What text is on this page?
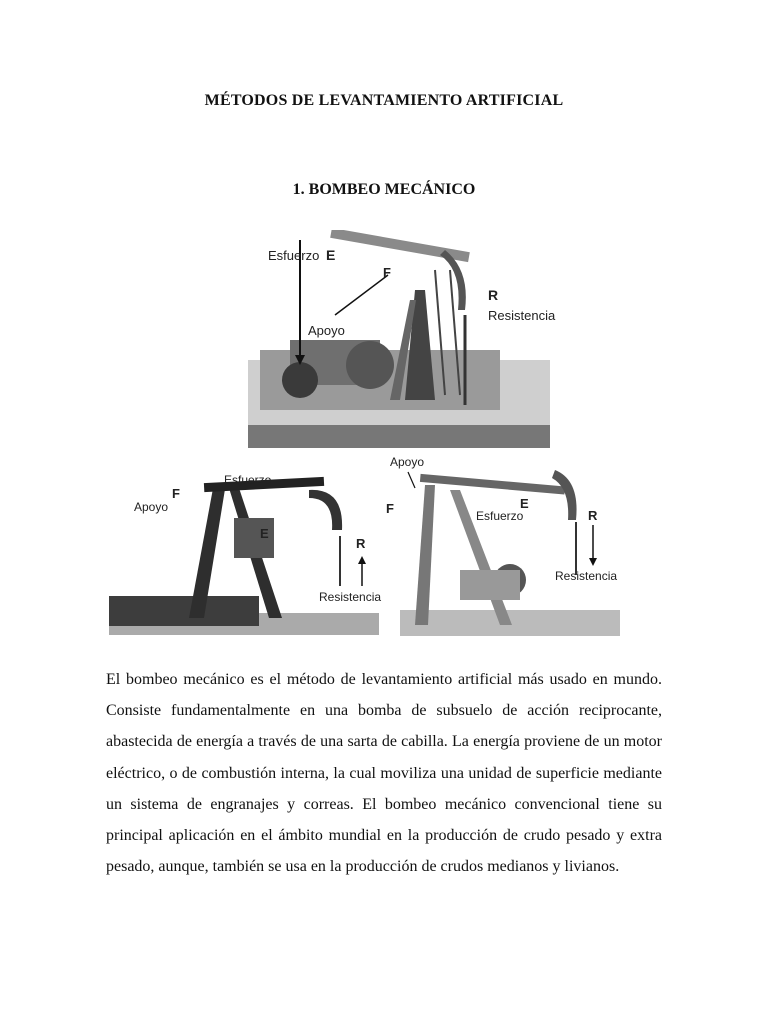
MÉTODOS DE LEVANTAMIENTO ARTIFICIAL
1. BOMBEO MECÁNICO
Esfuerzo E
F
Apoyo
R
Resistencia
Esfuerzo
F
Apoyo
E
R
Resistencia
Apoyo
F	E
Esfuerzo	R
Resistencia
El bombeo mecánico es el método de levantamiento artificial más usado en mundo. Consiste fundamentalmente en una bomba de subsuelo de acción reciprocante, abastecida de energía a través de una sarta de cabilla. La energía proviene de un motor eléctrico, o de combustión interna, la cual moviliza una unidad de superficie mediante un sistema de engranajes y correas. El bombeo mecánico convencional tiene su principal aplicación en el ámbito mundial en la producción de crudo pesado y extra pesado, aunque, también se usa en la producción de crudos medianos y livianos.
